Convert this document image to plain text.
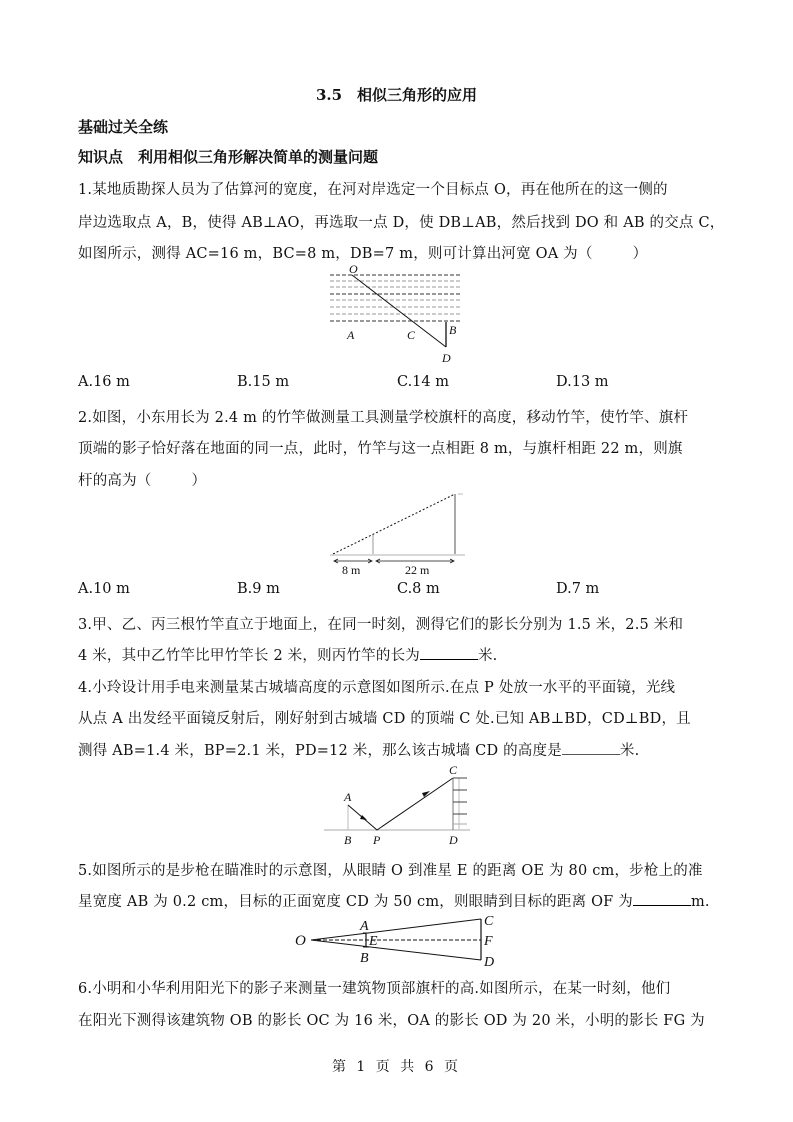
3.5　相似三角形的应用
基础过关全练
知识点　利用相似三角形解决简单的测量问题
1.某地质勘探人员为了估算河的宽度，在河对岸选定一个目标点 O，再在他所在的这一侧的
岸边选取点 A，B，使得 AB⊥AO，再选取一点 D，使 DB⊥AB，然后找到 DO 和 AB 的交点 C，
如图所示，测得 AC=16 m，BC=8 m，DB=7 m，则可计算出河宽 OA 为（	）
O
A	C	B
D
A.16 m	B.15 m	C.14 m	D.13 m
2.如图，小东用长为 2.4 m 的竹竿做测量工具测量学校旗杆的高度，移动竹竿，使竹竿、旗杆
顶端的影子恰好落在地面的同一点，此时，竹竿与这一点相距 8 m，与旗杆相距 22 m，则旗
杆的高为（	）
8 m	22 m
A.10 m	B.9 m	C.8 m	D.7 m
3.甲、乙、丙三根竹竿直立于地面上，在同一时刻，测得它们的影长分别为 1.5 米，2.5 米和
4 米，其中乙竹竿比甲竹竿长 2 米，则丙竹竿的长为	米.
4.小玲设计用手电来测量某古城墙高度的示意图如图所示.在点 P 处放一水平的平面镜，光线
从点 A 出发经平面镜反射后，刚好射到古城墙 CD 的顶端 C 处.已知 AB⊥BD，CD⊥BD，且
测得 AB=1.4 米，BP=2.1 米，PD=12 米，那么该古城墙 CD 的高度是	米.
A
B P
C
D
5.如图所示的是步枪在瞄准时的示意图，从眼睛 O 到准星 E 的距离 OE 为 80 cm，步枪上的准
星宽度 AB 为 0.2 cm，目标的正面宽度 CD 为 50 cm，则眼睛到目标的距离 OF 为	m.
O
A
E
B
C
F
D
6.小明和小华利用阳光下的影子来测量一建筑物顶部旗杆的高.如图所示，在某一时刻，他们
在阳光下测得该建筑物 OB 的影长 OC 为 16 米，OA 的影长 OD 为 20 米，小明的影长 FG 为
第 1 页 共 6 页
